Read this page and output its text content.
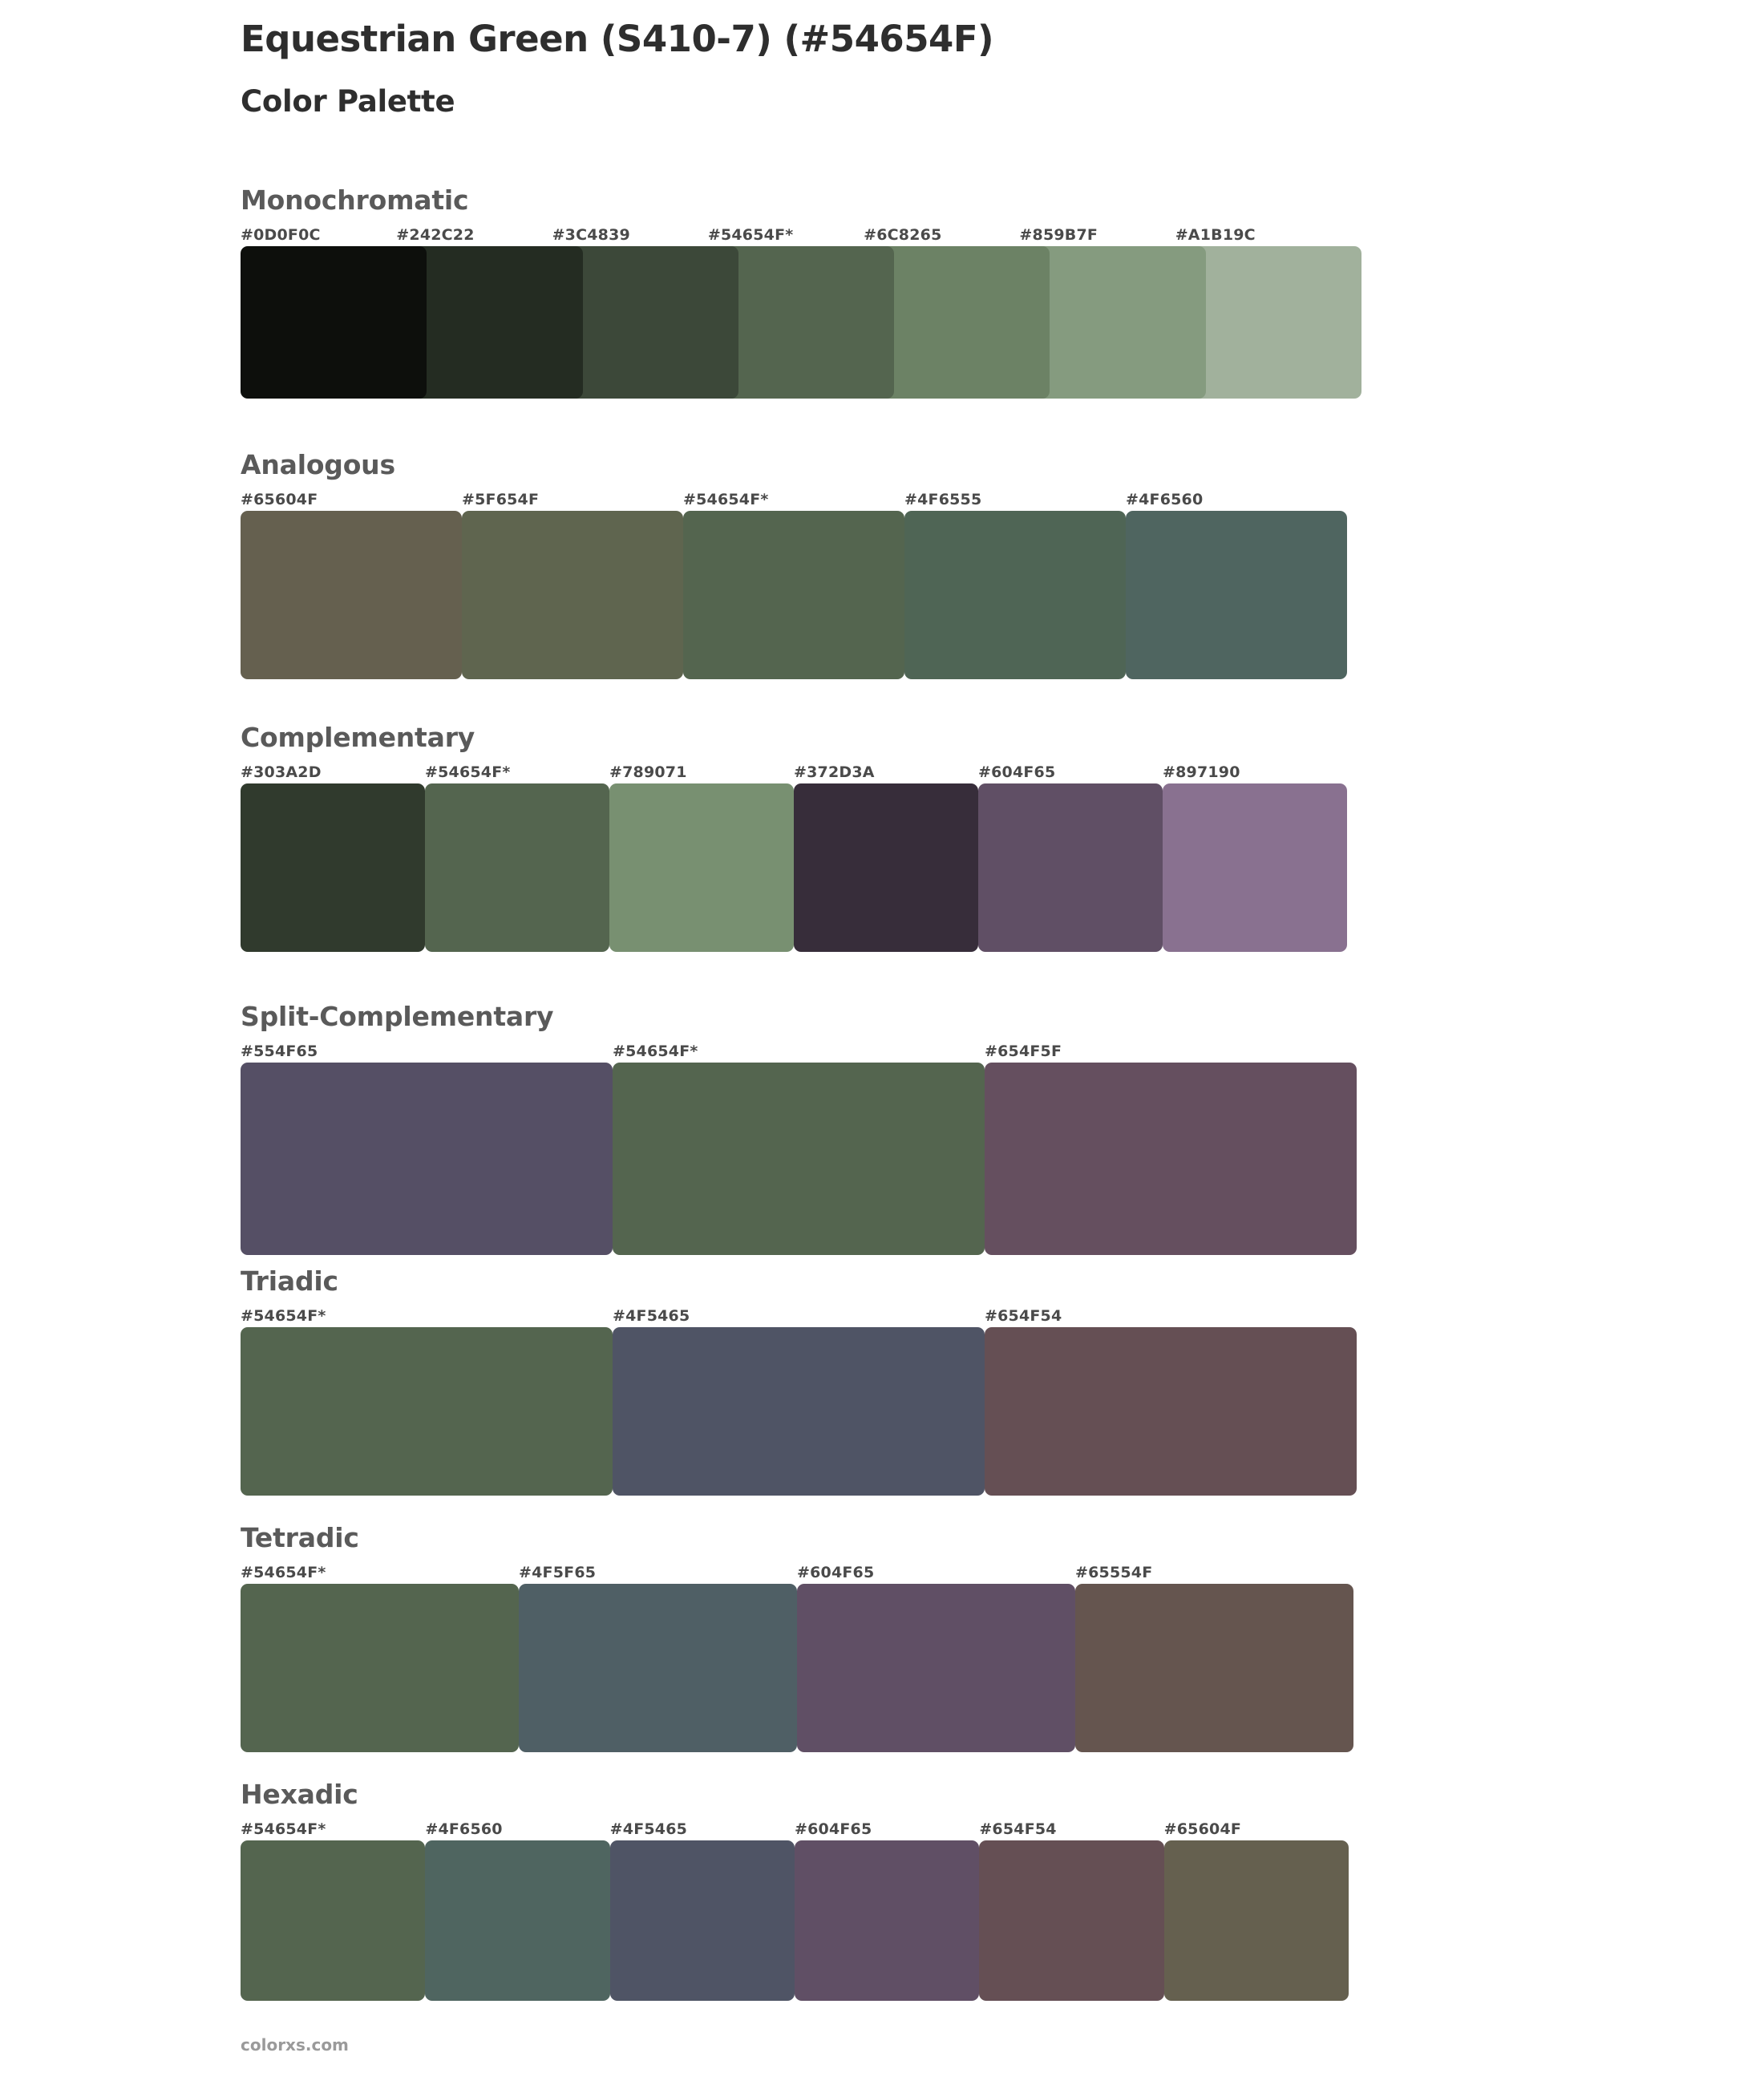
Equestrian Green (S410-7) (#54654F)
Color Palette
Monochromatic
#0D0F0C	#242C22	#3C4839	#54654F*	#6C8265	#859B7F	#A1B19C
Analogous
#65604F	#5F654F	#54654F*	#4F6555	#4F6560
Complementary
#303A2D	#54654F*	#789071	#372D3A	#604F65	#897190
Split-Complementary
#554F65	#54654F*	#654F5F
Triadic
#54654F*	#4F5465	#654F54
Tetradic
#54654F*	#4F5F65	#604F65	#65554F
Hexadic
#54654F*	#4F6560	#4F5465	#604F65	#654F54	#65604F
colorxs.com
